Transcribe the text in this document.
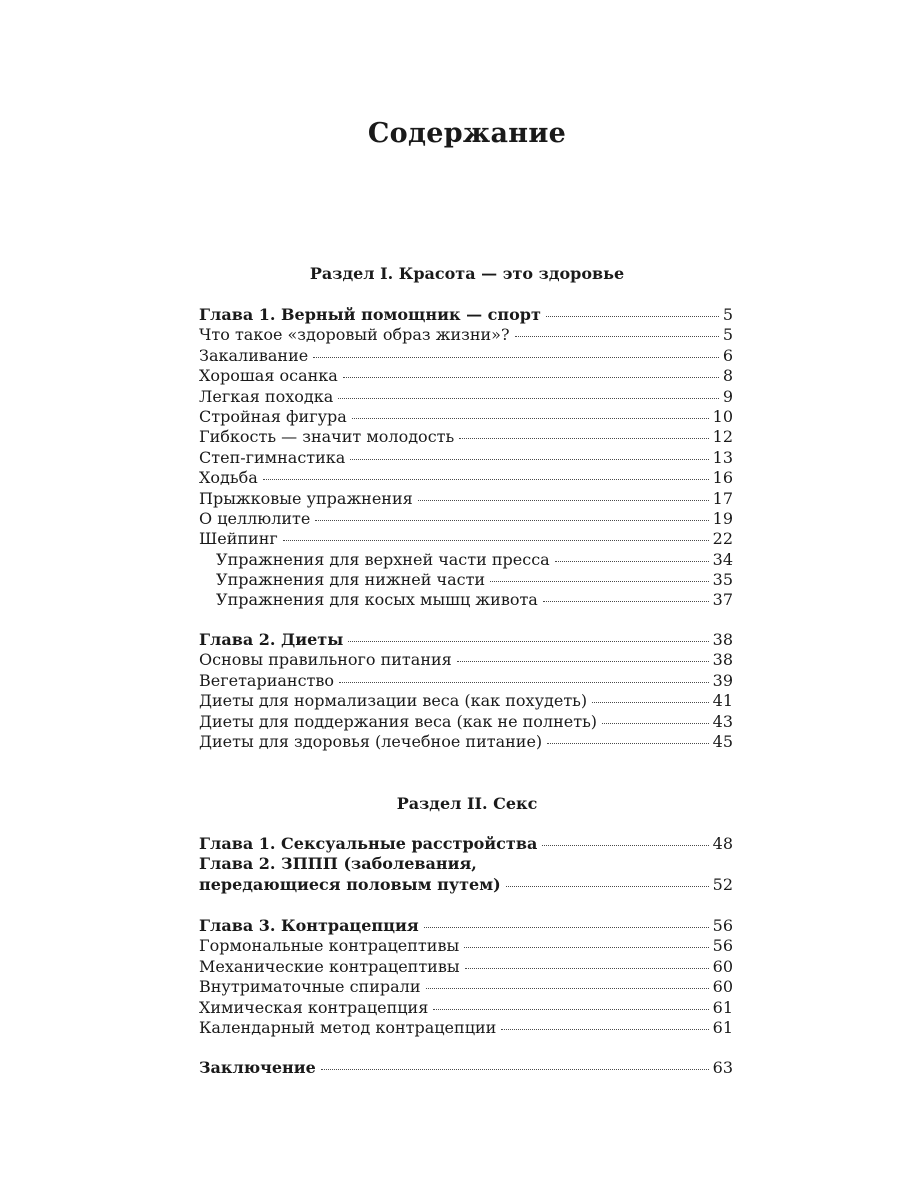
Содержание
Раздел I. Красота — это здоровье
Глава 1. Верный помощник — спорт	5
Что такое «здоровый образ жизни»?	5
Закаливание	6
Хорошая осанка	8
Легкая походка	9
Стройная фигура	10
Гибкость — значит молодость	12
Степ-гимнастика	13
Ходьба	16
Прыжковые упражнения	17
О целлюлите	19
Шейпинг	22
Упражнения для верхней части пресса	34
Упражнения для нижней части	35
Упражнения для косых мышц живота	37
Глава 2. Диеты	38
Основы правильного питания	38
Вегетарианство	39
Диеты для нормализации веса (как похудеть)	41
Диеты для поддержания веса (как не полнеть)	43
Диеты для здоровья (лечебное питание)	45
Раздел II. Секс
Глава 1. Сексуальные расстройства	48
Глава 2. ЗППП (заболевания,
передающиеся половым путем)	52
Глава 3. Контрацепция	56
Гормональные контрацептивы	56
Механические контрацептивы	60
Внутриматочные спирали	60
Химическая контрацепция	61
Календарный метод контрацепции	61
Заключение	63
